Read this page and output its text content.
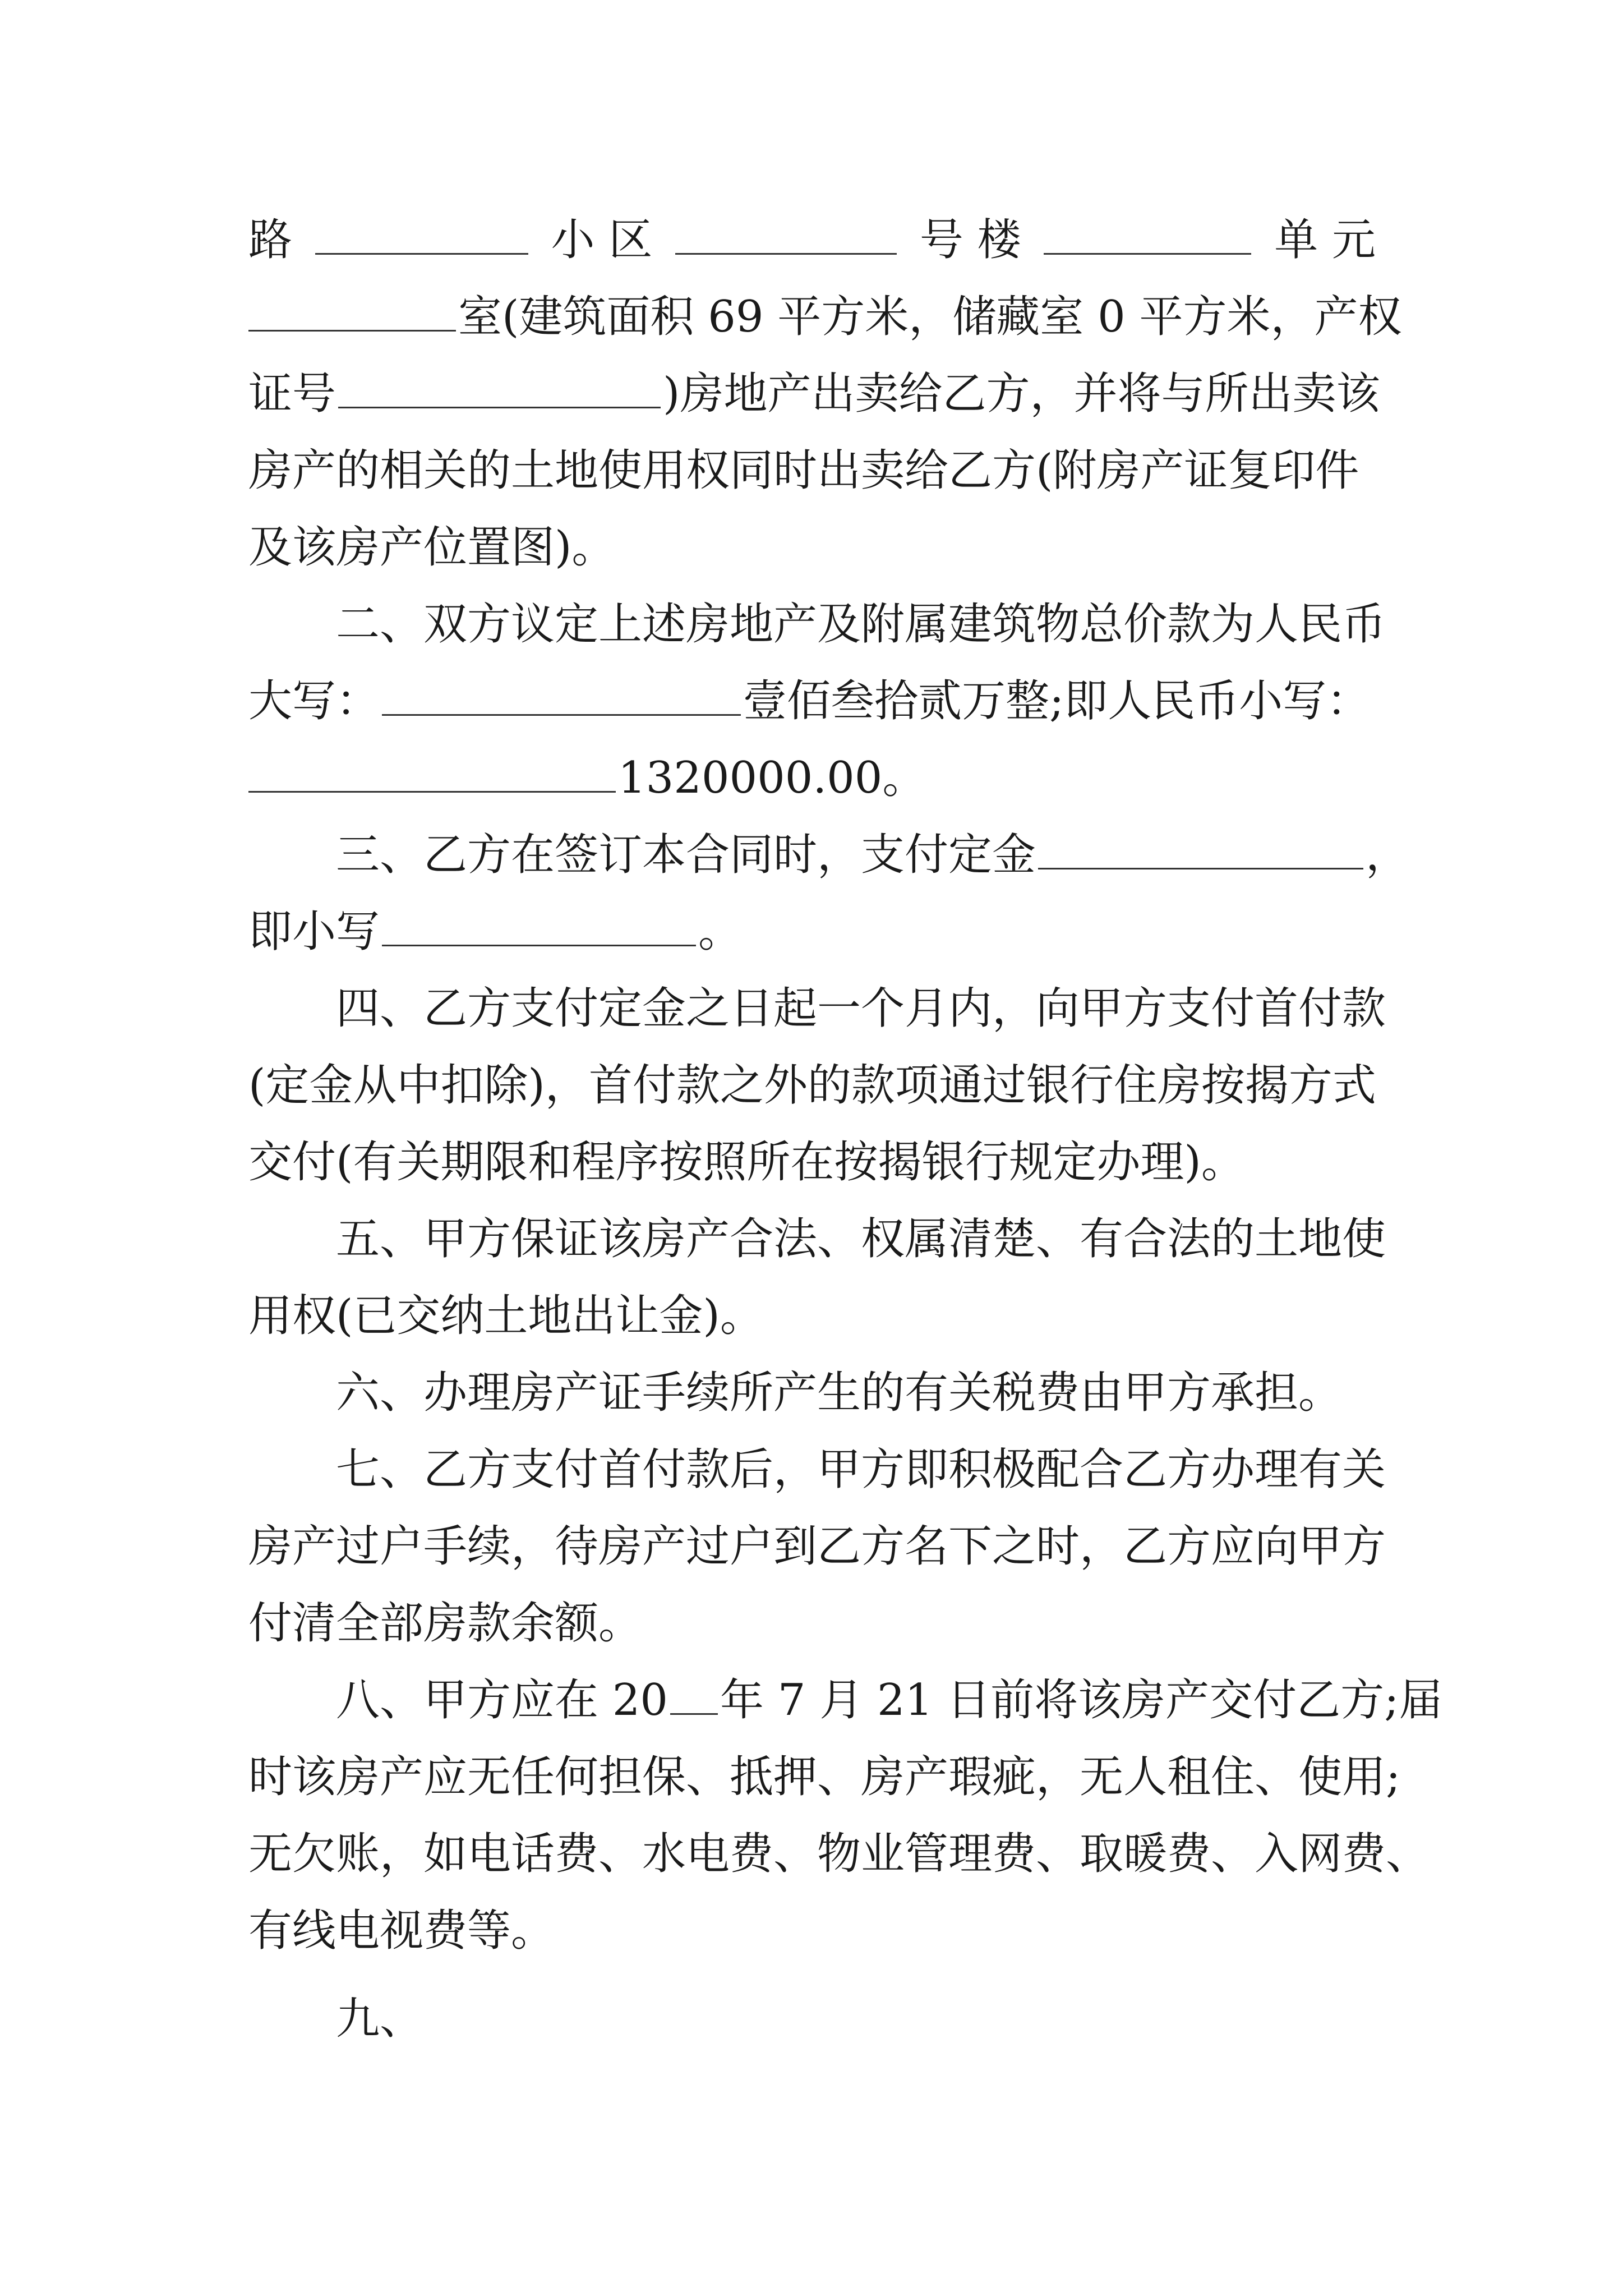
路	小 区	号 楼	单 元
室(建筑面积 69 平方米，储藏室 0 平方米，产权
证号	)房地产出卖给乙方，并将与所出卖该
房产的相关的土地使用权同时出卖给乙方(附房产证复印件
及该房产位置图)。
二、双方议定上述房地产及附属建筑物总价款为人民币
大写：	壹佰叁拾贰万整;即人民币小写：
1320000.00。
三、乙方在签订本合同时，支付定金	，
即小写	。
四、乙方支付定金之日起一个月内，向甲方支付首付款
(定金从中扣除)，首付款之外的款项通过银行住房按揭方式
交付(有关期限和程序按照所在按揭银行规定办理)。
五、甲方保证该房产合法、权属清楚、有合法的土地使
用权(已交纳土地出让金)。
六、办理房产证手续所产生的有关税费由甲方承担。
七、乙方支付首付款后，甲方即积极配合乙方办理有关
房产过户手续，待房产过户到乙方名下之时，乙方应向甲方
付清全部房款余额。
八、甲方应在 20 年 7 月 21 日前将该房产交付乙方;届
时该房产应无任何担保、抵押、房产瑕疵，无人租住、使用;
无欠账，如电话费、水电费、物业管理费、取暖费、入网费、
有线电视费等。
九、
